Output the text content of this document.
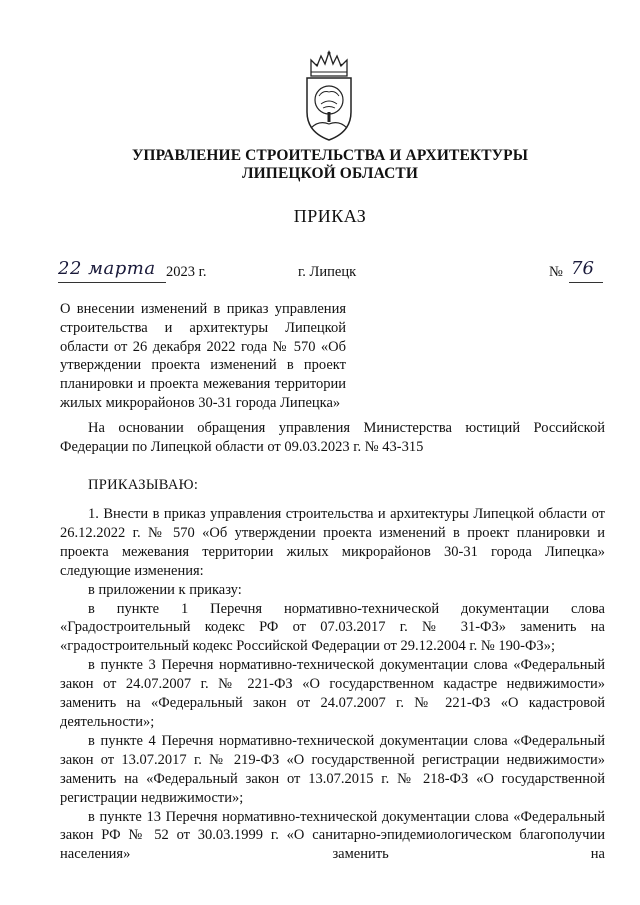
УПРАВЛЕНИЕ СТРОИТЕЛЬСТВА И АРХИТЕКТУРЫ
ЛИПЕЦКОЙ ОБЛАСТИ
ПРИКАЗ
22 марта 2023 г.	г. Липецк	№ 76
О внесении изменений в приказ управления строительства и архитектуры Липецкой области от 26 декабря 2022 года № 570 «Об утверждении проекта изменений в проект планировки и проекта межевания территории жилых микрорайонов 30-31 города Липецка»

На основании обращения управления Министерства юстиций Российской Федерации по Липецкой области от 09.03.2023 г. № 43-315

ПРИКАЗЫВАЮ:

1. Внести в приказ управления строительства и архитектуры Липецкой области от 26.12.2022 г. № 570 «Об утверждении проекта изменений в проект планировки и проекта межевания территории жилых микрорайонов 30-31 города Липецка» следующие изменения:

в приложении к приказу:

в пункте 1 Перечня нормативно-технической документации слова «Градостроительный кодекс РФ от 07.03.2017 г. № 31-ФЗ» заменить на «градостроительный кодекс Российской Федерации от 29.12.2004 г. № 190-ФЗ»;

в пункте 3 Перечня нормативно-технической документации слова «Федеральный закон от 24.07.2007 г. № 221-ФЗ «О государственном кадастре недвижимости» заменить на «Федеральный закон от 24.07.2007 г. № 221-ФЗ «О кадастровой деятельности»;

в пункте 4 Перечня нормативно-технической документации слова «Федеральный закон от 13.07.2017 г. № 219-ФЗ «О государственной регистрации недвижимости» заменить на «Федеральный закон от 13.07.2015 г. № 218-ФЗ «О государственной регистрации недвижимости»;

в пункте 13 Перечня нормативно-технической документации слова «Федеральный закон РФ № 52 от 30.03.1999 г. «О санитарно-эпидемиологическом благополучии населения» заменить на
